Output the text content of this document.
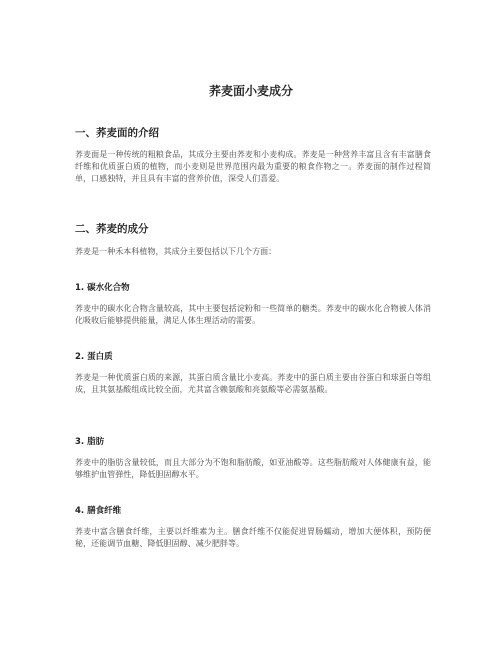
荞麦面小麦成分
一、荞麦面的介绍
荞麦面是一种传统的粗粮食品，其成分主要由荞麦和小麦构成。荞麦是一种营养丰富且含有丰富膳食纤维和优质蛋白质的植物，而小麦则是世界范围内最为重要的粮食作物之一。荞麦面的制作过程简单，口感独特，并且具有丰富的营养价值，深受人们喜爱。
二、荞麦的成分
荞麦是一种禾本科植物，其成分主要包括以下几个方面：
1. 碳水化合物
荞麦中的碳水化合物含量较高，其中主要包括淀粉和一些简单的糖类。荞麦中的碳水化合物被人体消化吸收后能够提供能量，满足人体生理活动的需要。
2. 蛋白质
荞麦是一种优质蛋白质的来源，其蛋白质含量比小麦高。荞麦中的蛋白质主要由谷蛋白和球蛋白等组成，且其氨基酸组成比较全面，尤其富含赖氨酸和亮氨酸等必需氨基酸。
3. 脂肪
荞麦中的脂肪含量较低，而且大部分为不饱和脂肪酸，如亚油酸等。这些脂肪酸对人体健康有益，能够维护血管弹性，降低胆固醇水平。
4. 膳食纤维
荞麦中富含膳食纤维，主要以纤维素为主。膳食纤维不仅能促进胃肠蠕动，增加大便体积，预防便秘，还能调节血糖、降低胆固醇、减少肥胖等。
